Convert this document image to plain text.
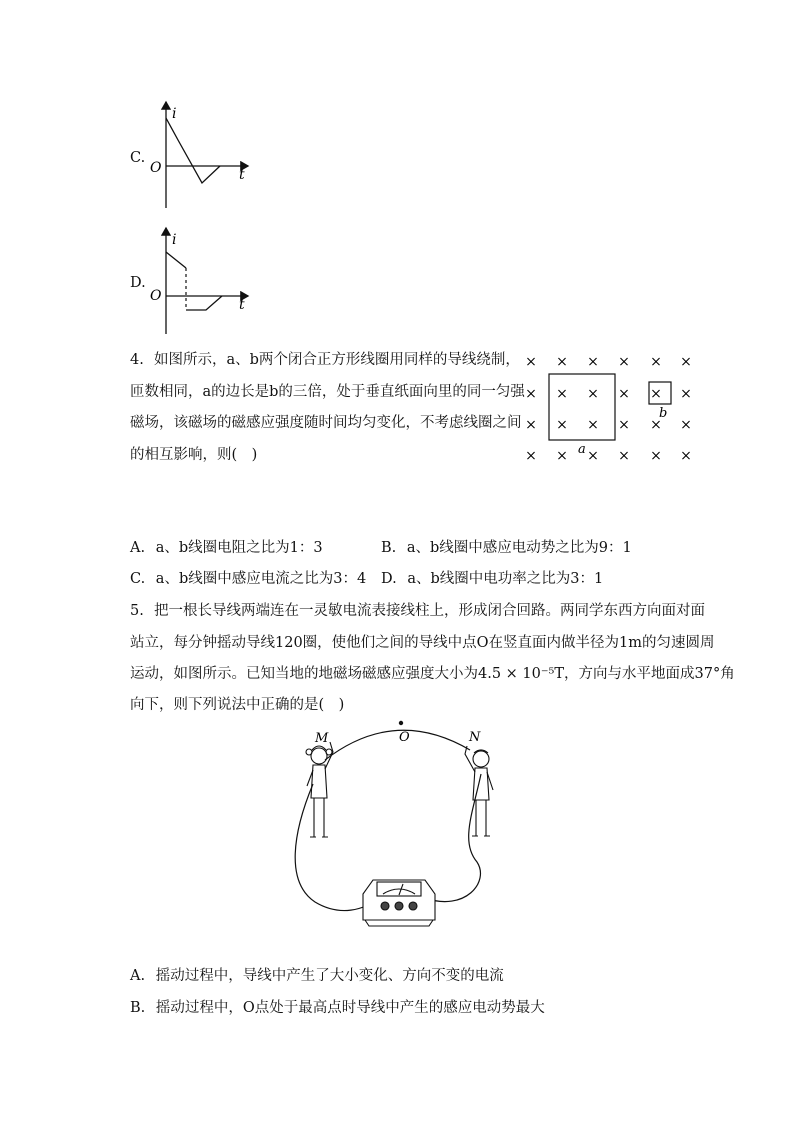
C.
i
t
O
D.
i
t
O
4. 如图所示，a、b两个闭合正方形线圈用同样的导线绕制，
匝数相同，a的边长是b的三倍，处于垂直纸面向里的同一匀强
磁场，该磁场的磁感应强度随时间均匀变化，不考虑线圈之间
的相互影响，则(　)
× × × × × ×
× × × × × ×
× × × × × ×
× × × × × ×
a
b
A. a、b线圈电阻之比为1：3	B. a、b线圈中感应电动势之比为9：1
C. a、b线圈中感应电流之比为3：4 D. a、b线圈中电功率之比为3：1
5. 把一根长导线两端连在一灵敏电流表接线柱上，形成闭合回路。两同学东西方向面对面
站立，每分钟摇动导线120圈，使他们之间的导线中点O在竖直面内做半径为1m的匀速圆周
运动，如图所示。已知当地的地磁场磁感应强度大小为4.5 × 10⁻⁵T，方向与水平地面成37°角
向下，则下列说法中正确的是(　)
M	O	N
A. 摇动过程中，导线中产生了大小变化、方向不变的电流
B. 摇动过程中，O点处于最高点时导线中产生的感应电动势最大
